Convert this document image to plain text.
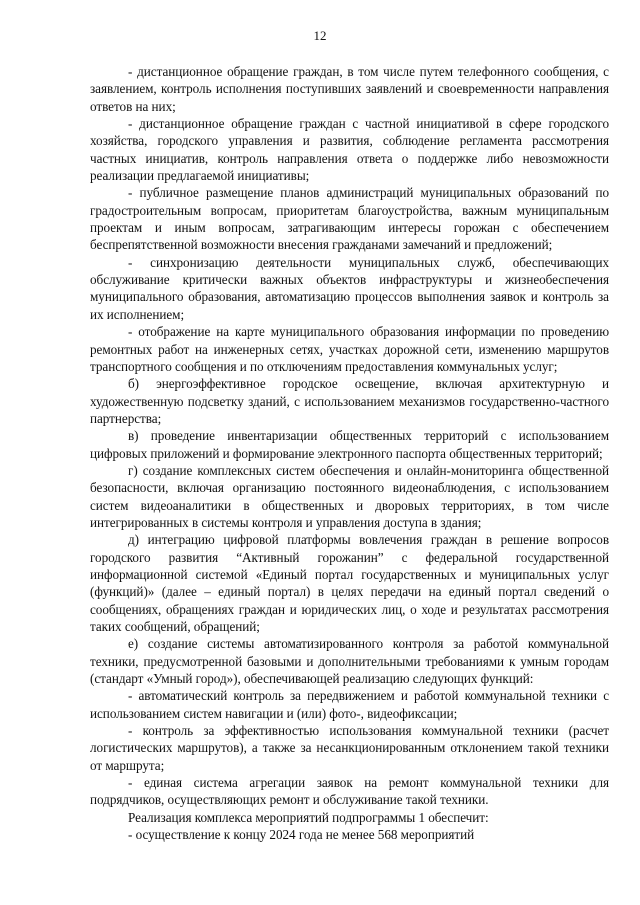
12

- дистанционное обращение граждан, в том числе путем телефонного сообщения, с заявлением, контроль исполнения поступивших заявлений и своевременности направления ответов на них;

- дистанционное обращение граждан с частной инициативой в сфере городского хозяйства, городского управления и развития, соблюдение регламента рассмотрения частных инициатив, контроль направления ответа о поддержке либо невозможности реализации предлагаемой инициативы;

- публичное размещение планов администраций муниципальных образований по градостроительным вопросам, приоритетам благоустройства, важным муниципальным проектам и иным вопросам, затрагивающим интересы горожан с обеспечением беспрепятственной возможности внесения гражданами замечаний и предложений;

- синхронизацию деятельности муниципальных служб, обеспечивающих обслуживание критически важных объектов инфраструктуры и жизнеобеспечения муниципального образования, автоматизацию процессов выполнения заявок и контроль за их исполнением;

- отображение на карте муниципального образования информации по проведению ремонтных работ на инженерных сетях, участках дорожной сети, изменению маршрутов транспортного сообщения и по отключениям предоставления коммунальных услуг;

б) энергоэффективное городское освещение, включая архитектурную и художественную подсветку зданий, с использованием механизмов государственно-частного партнерства;

в) проведение инвентаризации общественных территорий с использованием цифровых приложений и формирование электронного паспорта общественных территорий;

г) создание комплексных систем обеспечения и онлайн-мониторинга общественной безопасности, включая организацию постоянного видеонаблюдения, с использованием систем видеоаналитики в общественных и дворовых территориях, в том числе интегрированных в системы контроля и управления доступа в здания;

д) интеграцию цифровой платформы вовлечения граждан в решение вопросов городского развития “Активный горожанин” с федеральной государственной информационной системой «Единый портал государственных и муниципальных услуг (функций)» (далее – единый портал) в целях передачи на единый портал сведений о сообщениях, обращениях граждан и юридических лиц, о ходе и результатах рассмотрения таких сообщений, обращений;

е) создание системы автоматизированного контроля за работой коммунальной техники, предусмотренной базовыми и дополнительными требованиями к умным городам (стандарт «Умный город»), обеспечивающей реализацию следующих функций:

- автоматический контроль за передвижением и работой коммунальной техники с использованием систем навигации и (или) фото-, видеофиксации;

- контроль за эффективностью использования коммунальной техники (расчет логистических маршрутов), а также за несанкционированным отклонением такой техники от маршрута;

- единая система агрегации заявок на ремонт коммунальной техники для подрядчиков, осуществляющих ремонт и обслуживание такой техники.

Реализация комплекса мероприятий подпрограммы 1 обеспечит:

- осуществление к концу 2024 года не менее 568 мероприятий
